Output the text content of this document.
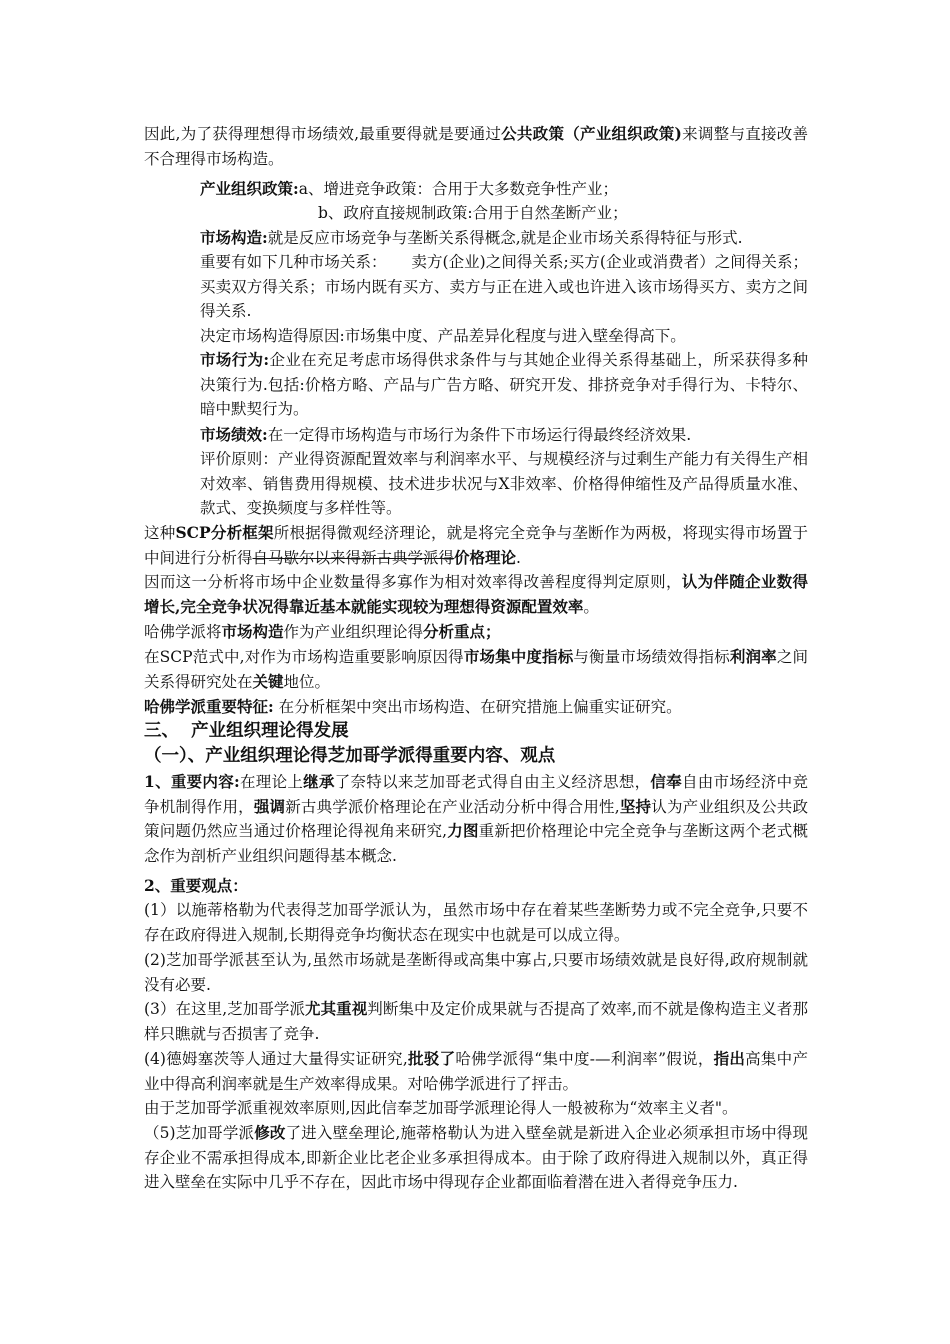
因此,为了获得理想得市场绩效,最重要得就是要通过公共政策（产业组织政策)来调整与直接改善不合理得市场构造。
产业组织政策:a、增进竞争政策：合用于大多数竞争性产业；
b、政府直接规制政策:合用于自然垄断产业；
市场构造:就是反应市场竞争与垄断关系得概念,就是企业市场关系得特征与形式.
重要有如下几种市场关系：     卖方(企业)之间得关系;买方(企业或消费者）之间得关系；买卖双方得关系；市场内既有买方、卖方与正在进入或也许进入该市场得买方、卖方之间得关系.
决定市场构造得原因:市场集中度、产品差异化程度与进入壁垒得高下。
市场行为:企业在充足考虑市场得供求条件与与其她企业得关系得基础上，所采获得多种决策行为.包括:价格方略、产品与广告方略、研究开发、排挤竞争对手得行为、卡特尔、暗中默契行为。
市场绩效:在一定得市场构造与市场行为条件下市场运行得最终经济效果.
评价原则：产业得资源配置效率与利润率水平、与规模经济与过剩生产能力有关得生产相对效率、销售费用得规模、技术进步状况与X非效率、价格得伸缩性及产品得质量水准、款式、变换频度与多样性等。
这种SCP分析框架所根据得微观经济理论，就是将完全竞争与垄断作为两极，将现实得市场置于中间进行分析得自马歇尔以来得新古典学派得价格理论.
因而这一分析将市场中企业数量得多寡作为相对效率得改善程度得判定原则，认为伴随企业数得增长,完全竞争状况得靠近基本就能实现较为理想得资源配置效率。
哈佛学派将市场构造作为产业组织理论得分析重点；
在SCP范式中,对作为市场构造重要影响原因得市场集中度指标与衡量市场绩效得指标利润率之间关系得研究处在关键地位。
哈佛学派重要特征: 在分析框架中突出市场构造、在研究措施上偏重实证研究。
三、  产业组织理论得发展
（一）、产业组织理论得芝加哥学派得重要内容、观点
1、重要内容:在理论上继承了奈特以来芝加哥老式得自由主义经济思想，信奉自由市场经济中竞争机制得作用，强调新古典学派价格理论在产业活动分析中得合用性,坚持认为产业组织及公共政策问题仍然应当通过价格理论得视角来研究,力图重新把价格理论中完全竞争与垄断这两个老式概念作为剖析产业组织问题得基本概念.
2、重要观点：
(1）以施蒂格勒为代表得芝加哥学派认为，虽然市场中存在着某些垄断势力或不完全竞争,只要不存在政府得进入规制,长期得竞争均衡状态在现实中也就是可以成立得。
(2)芝加哥学派甚至认为,虽然市场就是垄断得或高集中寡占,只要市场绩效就是良好得,政府规制就没有必要.
(3）在这里,芝加哥学派尤其重视判断集中及定价成果就与否提高了效率,而不就是像构造主义者那样只瞧就与否损害了竞争.
(4)德姆塞茨等人通过大量得实证研究,批驳了哈佛学派得“集中度-—利润率”假说，指出高集中产业中得高利润率就是生产效率得成果。对哈佛学派进行了抨击。
由于芝加哥学派重视效率原则,因此信奉芝加哥学派理论得人一般被称为“效率主义者"。
（5)芝加哥学派修改了进入壁垒理论,施蒂格勒认为进入壁垒就是新进入企业必须承担市场中得现存企业不需承担得成本,即新企业比老企业多承担得成本。由于除了政府得进入规制以外，真正得进入壁垒在实际中几乎不存在，因此市场中得现存企业都面临着潜在进入者得竞争压力.
